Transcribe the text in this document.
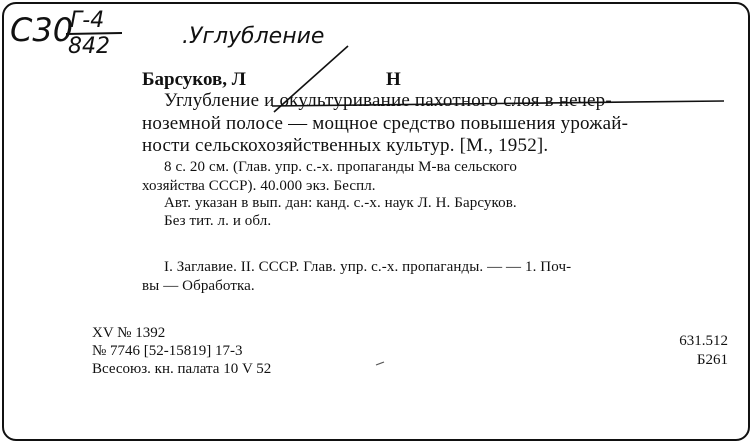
C30
Г-4
842	.Углубление
Барсуков, Л	Н
Углубление и окультуривание пахотного слоя в нечер-
ноземной полосе — мощное средство повышения урожай-
ности сельскохозяйственных культур. [М., 1952].
8 с. 20 см. (Глав. упр. с.-х. пропаганды М-ва сельского
хозяйства СССР). 40.000 экз. Беспл.
Авт. указан в вып. дан: канд. с.-х. наук Л. Н. Барсуков.
Без тит. л. и обл.
I. Заглавие. II. СССР. Глав. упр. с.-х. пропаганды. — — 1. Поч-
вы — Обработка.
XV № 1392
№ 7746 [52-15819] 17-3
Всесоюз. кн. палата 10 V 52
631.512
Б261
